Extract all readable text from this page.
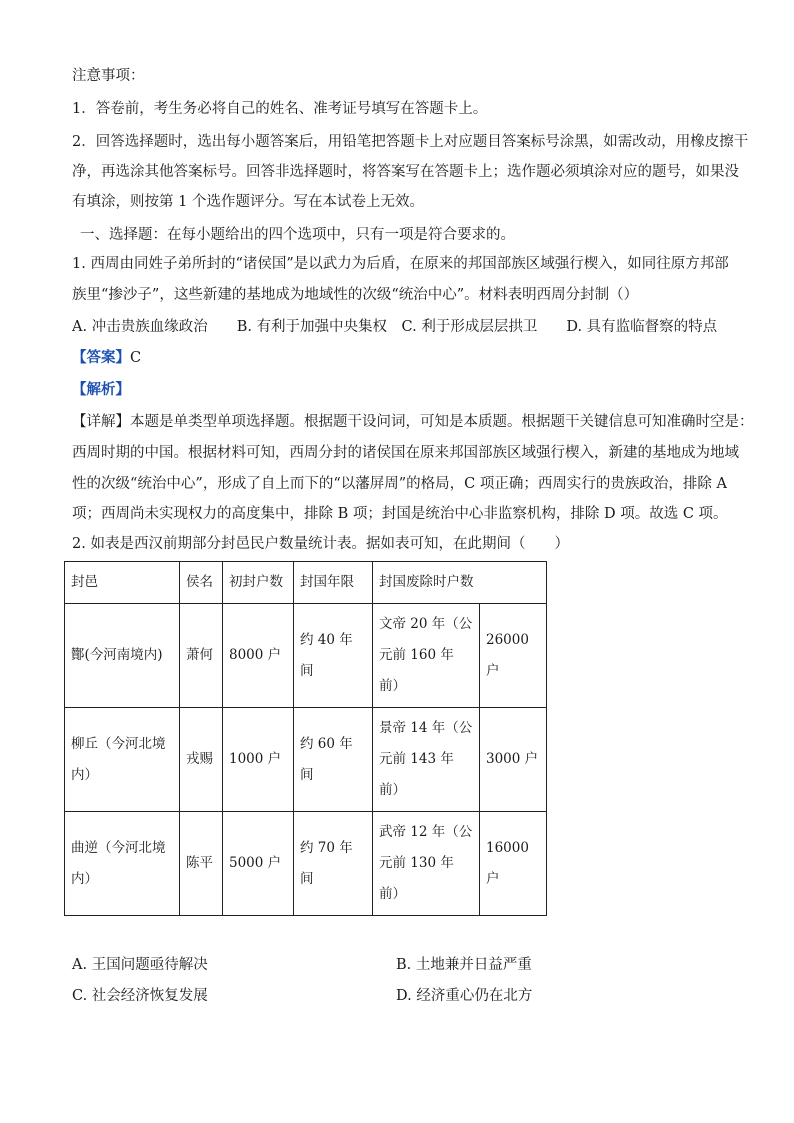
注意事项：
1．答卷前，考生务必将自己的姓名、准考证号填写在答题卡上。
2．回答选择题时，选出每小题答案后，用铅笔把答题卡上对应题目答案标号涂黑，如需改动，用橡皮擦干
净，再选涂其他答案标号。回答非选择题时，将答案写在答题卡上；选作题必须填涂对应的题号，如果没
有填涂，则按第 1 个选作题评分。写在本试卷上无效。
一、选择题：在每小题给出的四个选项中，只有一项是符合要求的。
1. 西周由同姓子弟所封的“诸侯国”是以武力为后盾，在原来的邦国部族区域强行楔入，如同往原方邦部
族里“掺沙子”，这些新建的基地成为地域性的次级“统治中心”。材料表明西周分封制（）
A. 冲击贵族血缘政治　　B. 有利于加强中央集权　C. 利于形成层层拱卫　　D. 具有监临督察的特点
【答案】C
【解析】
【详解】本题是单类型单项选择题。根据题干设问词，可知是本质题。根据题干关键信息可知准确时空是：
西周时期的中国。根据材料可知，西周分封的诸侯国在原来邦国部族区域强行楔入，新建的基地成为地域
性的次级“统治中心”，形成了自上而下的“以藩屏周”的格局，C 项正确；西周实行的贵族政治，排除 A
项；西周尚未实现权力的高度集中，排除 B 项；封国是统治中心非监察机构，排除 D 项。故选 C 项。
2. 如表是西汉前期部分封邑民户数量统计表。据如表可知，在此期间（　　）
封邑	侯名	初封户数	封国年限	封国废除时户数	
酇(今河南境内)	萧何	8000 户	约 40 年间	文帝 20 年（公元前 160 年前）	26000 户
柳丘（今河北境内）	戎赐	1000 户	约 60 年间	景帝 14 年（公元前 143 年前）	3000 户
曲逆（今河北境内）	陈平	5000 户	约 70 年间	武帝 12 年（公元前 130 年前）	16000 户
A. 王国问题亟待解决	B. 土地兼并日益严重
C. 社会经济恢复发展	D. 经济重心仍在北方
